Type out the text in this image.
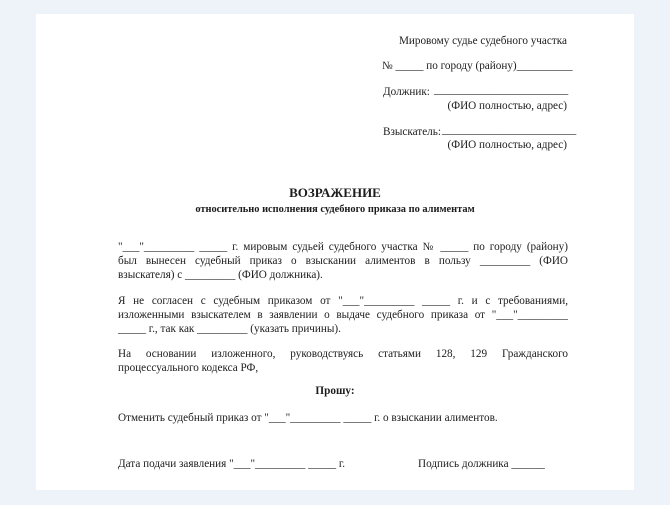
Мировому судье судебного участка
№ _____ по городу (району)__________
Должник: ________________________
(ФИО полностью, адрес)
Взыскатель: ________________________
(ФИО полностью, адрес)
ВОЗРАЖЕНИЕ
относительно исполнения судебного приказа по алиментам
"___"_________ _____ г. мировым судьей судебного участка № _____ по городу (району)
был вынесен судебный приказ о взыскании алиментов в пользу _________ (ФИО
взыскателя) с _________ (ФИО должника).
Я не согласен с судебным приказом от "___"_________ _____ г. и с требованиями,
изложенными взыскателем в заявлении о выдаче судебного приказа от "___"_________
_____ г., так как _________ (указать причины).
На основании изложенного, руководствуясь статьями 128, 129 Гражданского
процессуального кодекса РФ,
Прошу:
Отменить судебный приказ от "___"_________ _____ г. о взыскании алиментов.
Дата подачи заявления "___"_________ _____ г.	Подпись должника ______
